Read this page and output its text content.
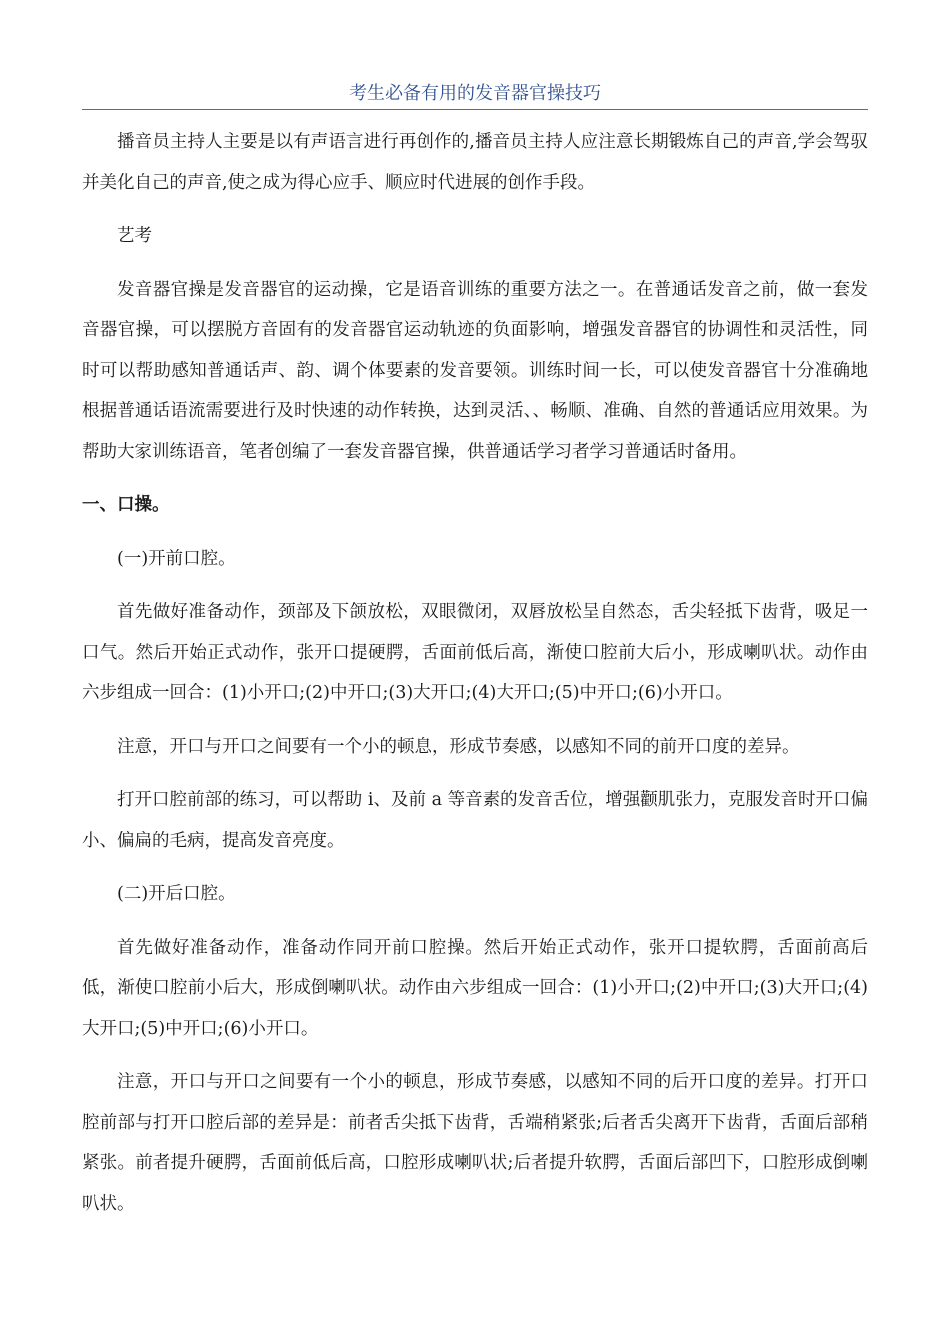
考生必备有用的发音器官操技巧

播音员主持人主要是以有声语言进行再创作的,播音员主持人应注意长期锻炼自己的声音,学会驾驭并美化自己的声音,使之成为得心应手、顺应时代进展的创作手段。

艺考

发音器官操是发音器官的运动操，它是语音训练的重要方法之一。在普通话发音之前，做一套发音器官操，可以摆脱方音固有的发音器官运动轨迹的负面影响，增强发音器官的协调性和灵活性，同时可以帮助感知普通话声、韵、调个体要素的发音要领。训练时间一长，可以使发音器官十分准确地根据普通话语流需要进行及时快速的动作转换，达到灵活、、畅顺、准确、自然的普通话应用效果。为帮助大家训练语音，笔者创编了一套发音器官操，供普通话学习者学习普通话时备用。

一、口操。

(一)开前口腔。

首先做好准备动作，颈部及下颌放松，双眼微闭，双唇放松呈自然态，舌尖轻抵下齿背，吸足一口气。然后开始正式动作，张开口提硬腭，舌面前低后高，渐使口腔前大后小，形成喇叭状。动作由六步组成一回合：(1)小开口;(2)中开口;(3)大开口;(4)大开口;(5)中开口;(6)小开口。

注意，开口与开口之间要有一个小的顿息，形成节奏感，以感知不同的前开口度的差异。

打开口腔前部的练习，可以帮助 i、及前 a 等音素的发音舌位，增强颧肌张力，克服发音时开口偏小、偏扁的毛病，提高发音亮度。

(二)开后口腔。

首先做好准备动作，准备动作同开前口腔操。然后开始正式动作，张开口提软腭，舌面前高后低，渐使口腔前小后大，形成倒喇叭状。动作由六步组成一回合：(1)小开口;(2)中开口;(3)大开口;(4)大开口;(5)中开口;(6)小开口。

注意，开口与开口之间要有一个小的顿息，形成节奏感，以感知不同的后开口度的差异。打开口腔前部与打开口腔后部的差异是：前者舌尖抵下齿背，舌端稍紧张;后者舌尖离开下齿背，舌面后部稍紧张。前者提升硬腭，舌面前低后高，口腔形成喇叭状;后者提升软腭，舌面后部凹下，口腔形成倒喇叭状。
